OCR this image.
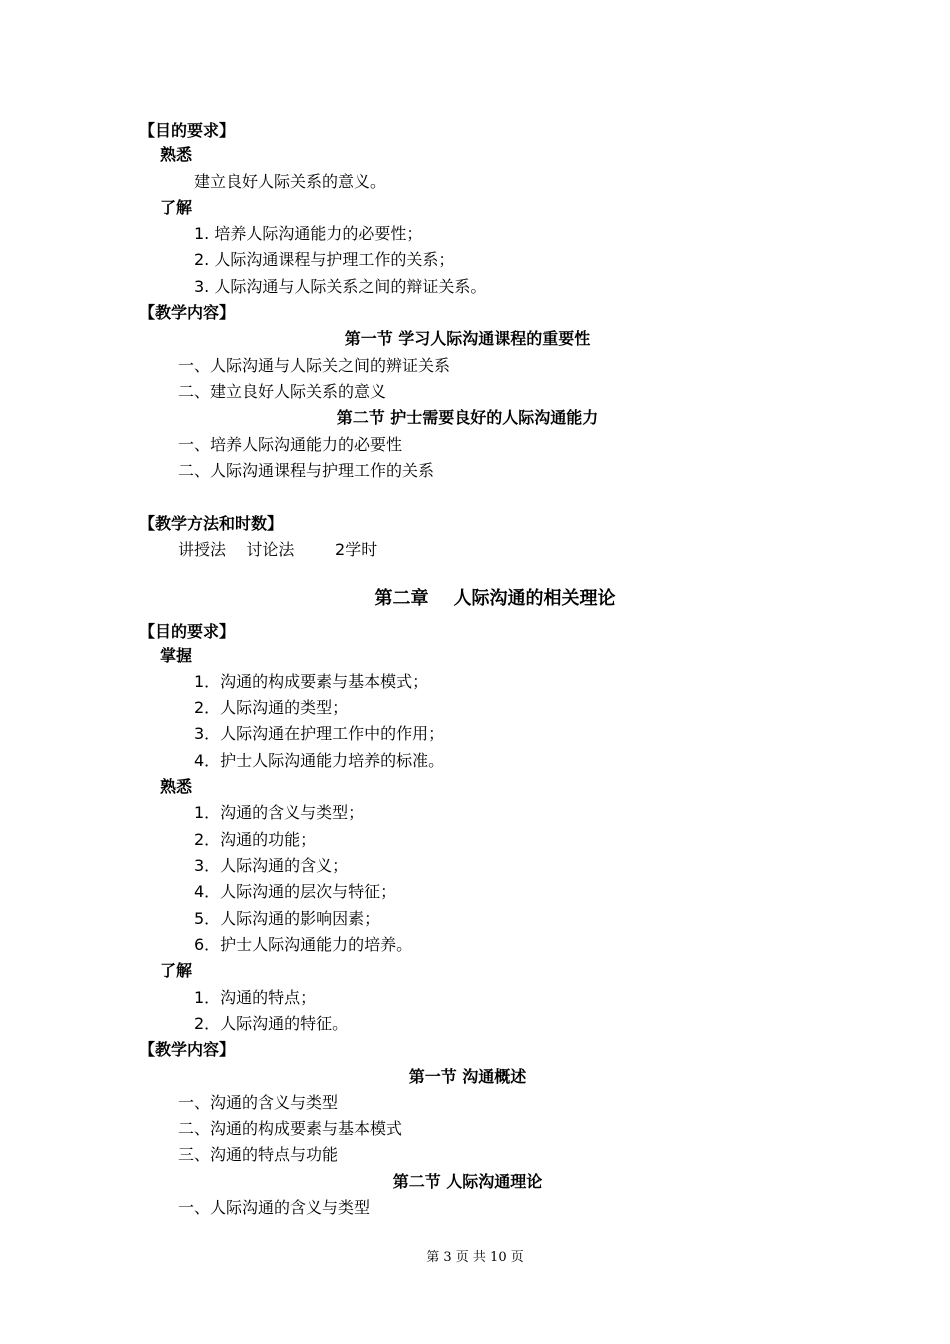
【目的要求】
熟悉
建立良好人际关系的意义。
了解
1. 培养人际沟通能力的必要性；
2. 人际沟通课程与护理工作的关系；
3. 人际沟通与人际关系之间的辩证关系。
【教学内容】
第一节 学习人际沟通课程的重要性
一、人际沟通与人际关之间的辨证关系
二、建立良好人际关系的意义
第二节 护士需要良好的人际沟通能力
一、培养人际沟通能力的必要性
二、人际沟通课程与护理工作的关系
【教学方法和时数】
讲授法    讨论法        2学时
第二章    人际沟通的相关理论
【目的要求】
掌握
1．沟通的构成要素与基本模式；
2．人际沟通的类型；
3．人际沟通在护理工作中的作用；
4．护士人际沟通能力培养的标准。
熟悉
1．沟通的含义与类型；
2．沟通的功能；
3．人际沟通的含义；
4．人际沟通的层次与特征；
5．人际沟通的影响因素；
6．护士人际沟通能力的培养。
了解
1．沟通的特点；
2．人际沟通的特征。
【教学内容】
第一节 沟通概述
一、沟通的含义与类型
二、沟通的构成要素与基本模式
三、沟通的特点与功能
第二节 人际沟通理论
一、人际沟通的含义与类型
第 3 页 共 10 页
